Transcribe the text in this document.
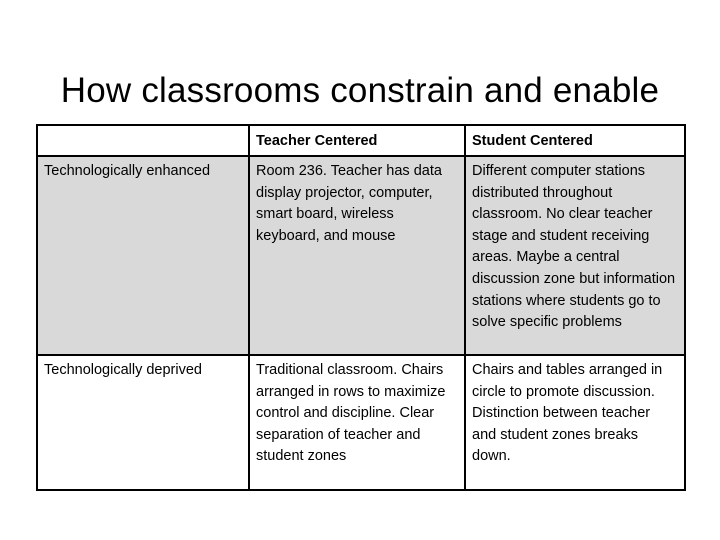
How classrooms constrain and enable
	Teacher Centered	Student Centered
Technologically enhanced	Room 236. Teacher has data display projector, computer, smart board, wireless keyboard, and mouse	Different computer stations distributed throughout classroom. No clear teacher stage and student receiving areas. Maybe a central discussion zone but information stations where students go to solve specific problems
Technologically deprived	Traditional classroom. Chairs arranged in rows to maximize control and discipline. Clear separation of teacher and student zones	Chairs and tables arranged in circle to promote discussion. Distinction between teacher and student zones breaks down.
